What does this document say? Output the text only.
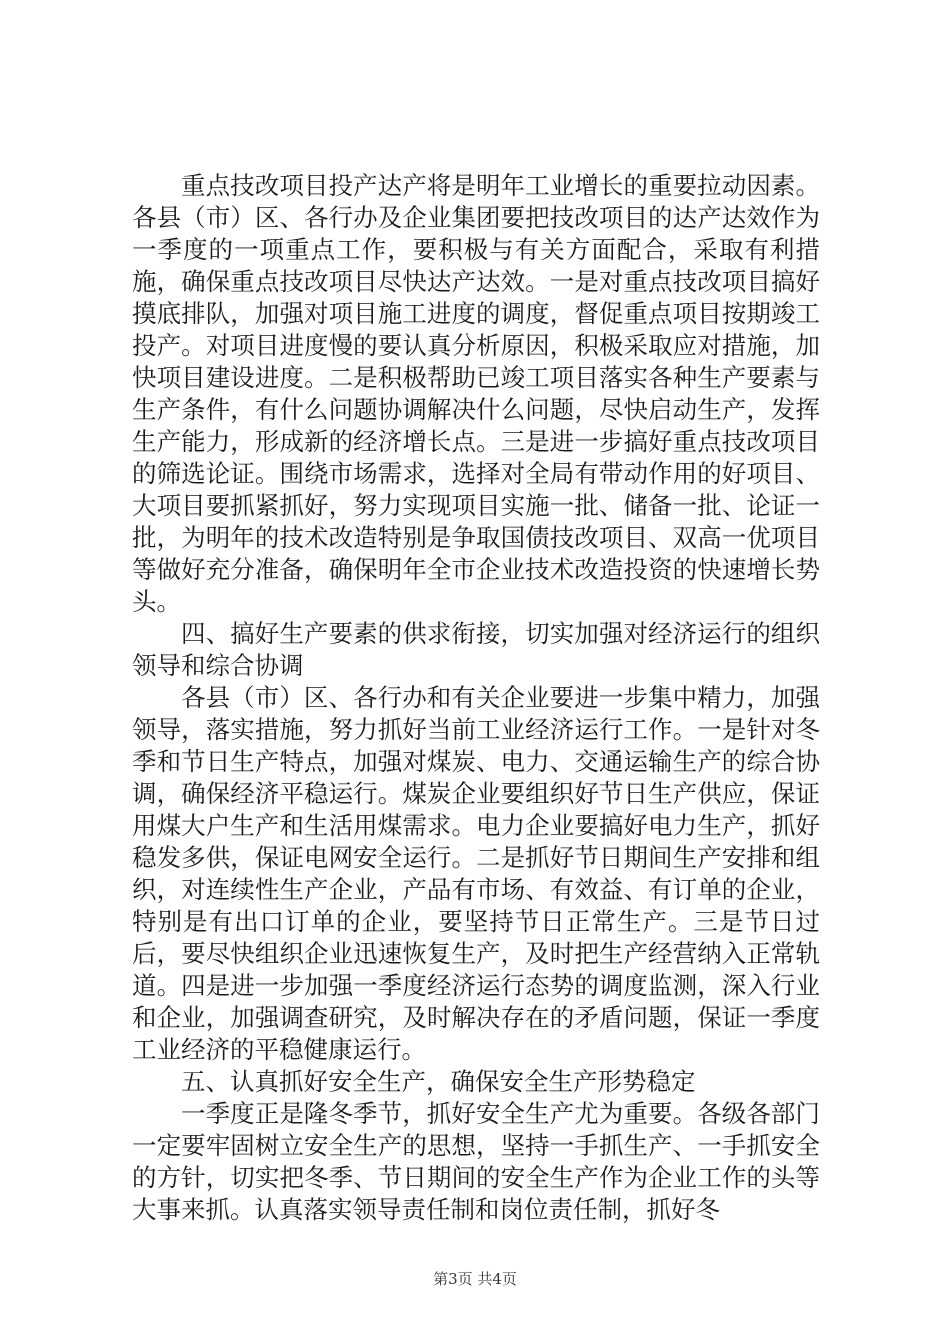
重点技改项目投产达产将是明年工业增长的重要拉动因素。各县（市）区、各行办及企业集团要把技改项目的达产达效作为一季度的一项重点工作，要积极与有关方面配合，采取有利措施，确保重点技改项目尽快达产达效。一是对重点技改项目搞好摸底排队，加强对项目施工进度的调度，督促重点项目按期竣工投产。对项目进度慢的要认真分析原因，积极采取应对措施，加快项目建设进度。二是积极帮助已竣工项目落实各种生产要素与生产条件，有什么问题协调解决什么问题，尽快启动生产，发挥生产能力，形成新的经济增长点。三是进一步搞好重点技改项目的筛选论证。围绕市场需求，选择对全局有带动作用的好项目、大项目要抓紧抓好，努力实现项目实施一批、储备一批、论证一批，为明年的技术改造特别是争取国债技改项目、双高一优项目等做好充分准备，确保明年全市企业技术改造投资的快速增长势头。

四、搞好生产要素的供求衔接，切实加强对经济运行的组织领导和综合协调

各县（市）区、各行办和有关企业要进一步集中精力，加强领导，落实措施，努力抓好当前工业经济运行工作。一是针对冬季和节日生产特点，加强对煤炭、电力、交通运输生产的综合协调，确保经济平稳运行。煤炭企业要组织好节日生产供应，保证用煤大户生产和生活用煤需求。电力企业要搞好电力生产，抓好稳发多供，保证电网安全运行。二是抓好节日期间生产安排和组织，对连续性生产企业，产品有市场、有效益、有订单的企业，特别是有出口订单的企业，要坚持节日正常生产。三是节日过后，要尽快组织企业迅速恢复生产，及时把生产经营纳入正常轨道。四是进一步加强一季度经济运行态势的调度监测，深入行业和企业，加强调查研究，及时解决存在的矛盾问题，保证一季度工业经济的平稳健康运行。

五、认真抓好安全生产，确保安全生产形势稳定

一季度正是隆冬季节，抓好安全生产尤为重要。各级各部门一定要牢固树立安全生产的思想，坚持一手抓生产、一手抓安全的方针，切实把冬季、节日期间的安全生产作为企业工作的头等大事来抓。认真落实领导责任制和岗位责任制，抓好冬

第3页 共4页
